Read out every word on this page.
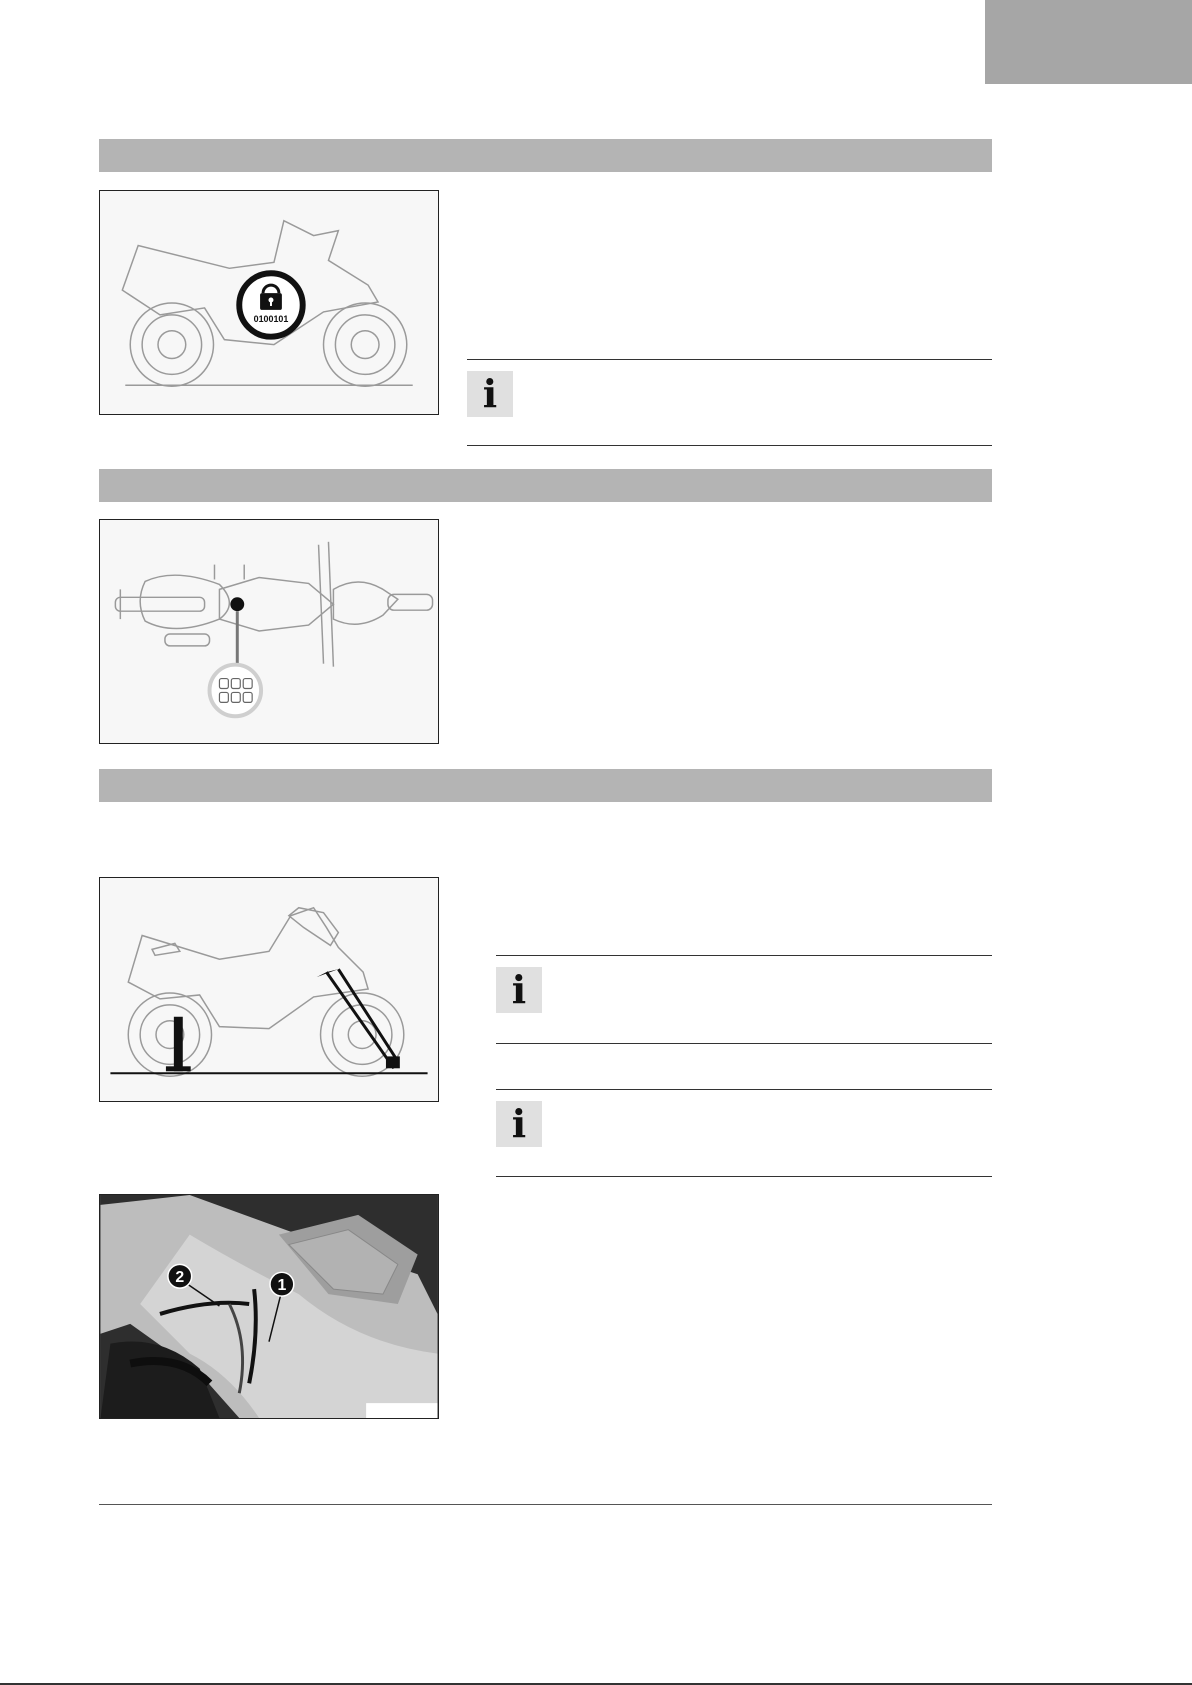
0100101
i
i
i
2	1
